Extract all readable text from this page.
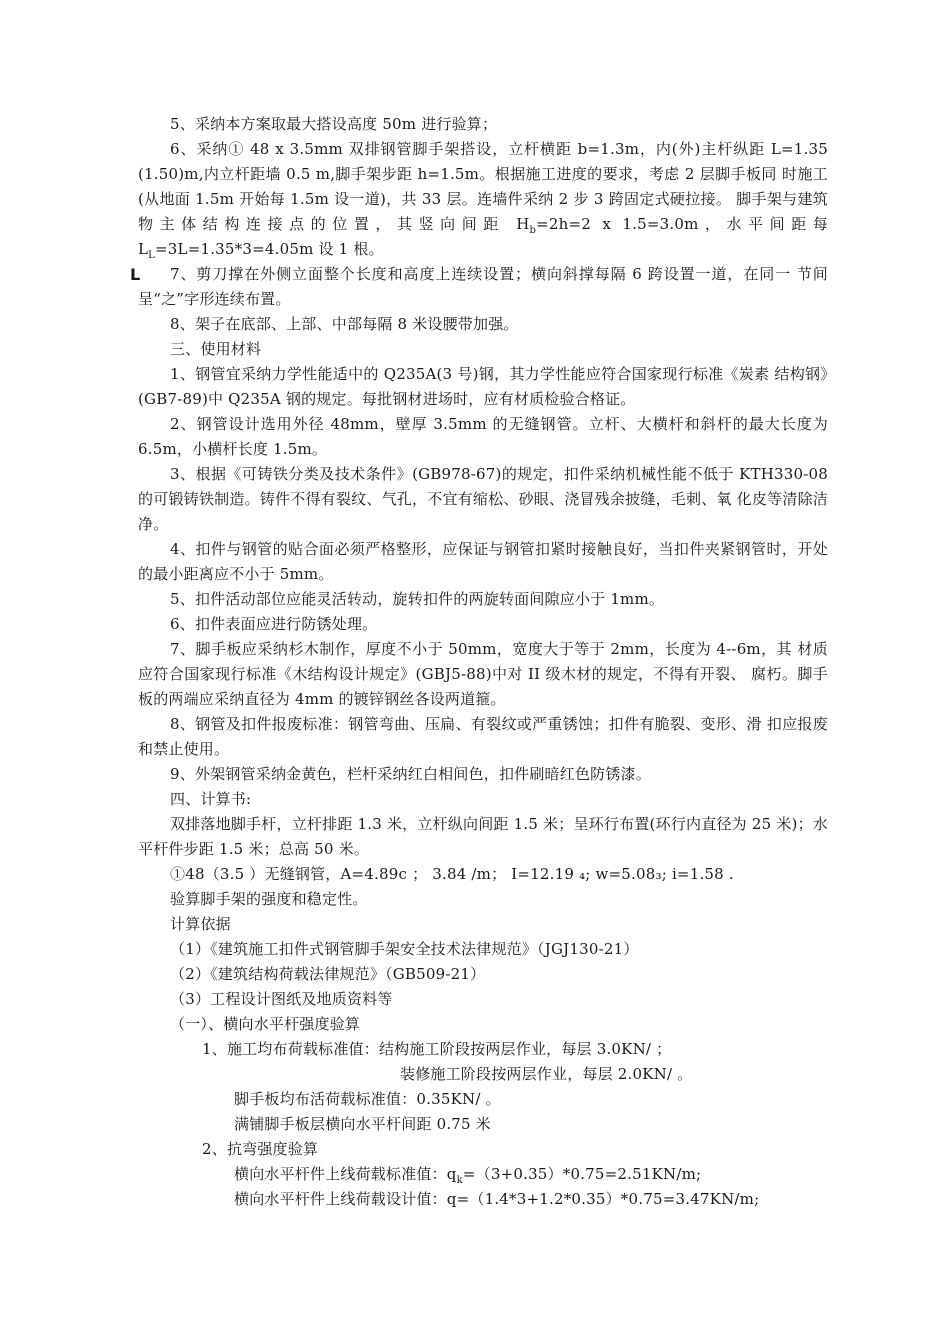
5、采纳本方案取最大搭设高度 50m 进行验算；

6、采纳① 48 x 3.5mm 双排钢管脚手架搭设，立杆横距 b=1.3m，内(外)主杆纵距 L=1.35 (1.50)m,内立杆距墙 0.5 m,脚手架步距 h=1.5m。根据施工进度的要求，考虑 2 层脚手板同 时施工(从地面 1.5m 开始每 1.5m 设一道)，共 33 层。连墙件采纳 2 步 3 跨固定式硬拉接。 脚手架与建筑物主体结构连接点的位置，其竖向间距 $H_b=2h=2$ x 1.5=3.0m，水平间距每 $L_L=3L=1.35*3=4.05m$ 设 1 根。

L 7、剪刀撑在外侧立面整个长度和高度上连续设置；横向斜撑每隔 6 跨设置一道，在同一 节间呈“之”字形连续布置。

8、架子在底部、上部、中部每隔 8 米设腰带加强。

三、使用材料

1、钢管宜采纳力学性能适中的 Q235A(3 号)钢，其力学性能应符合国家现行标准《炭素 结构钢》(GB7-89)中 Q235A 钢的规定。每批钢材进场时，应有材质检验合格证。

2、钢管设计选用外径 48mm，壁厚 3.5mm 的无缝钢管。立杆、大横杆和斜杆的最大长度为 6.5m，小横杆长度 1.5m。

3、根据《可铸铁分类及技术条件》(GB978-67)的规定，扣件采纳机械性能不低于 KTH330-08 的可锻铸铁制造。铸件不得有裂纹、气孔，不宜有缩松、砂眼、浇冒残余披缝，毛刺、氧 化皮等清除洁净。

4、扣件与钢管的贴合面必须严格整形，应保证与钢管扣紧时接触良好，当扣件夹紧钢管时，开处的最小距离应不小于 5mm。

5、扣件活动部位应能灵活转动，旋转扣件的两旋转面间隙应小于 1mm。

6、扣件表面应进行防锈处理。

7、脚手板应采纳杉木制作，厚度不小于 50mm，宽度大于等于 2mm，长度为 4--6m，其 材质应符合国家现行标准《木结构设计规定》(GBJ5-88)中对 II 级木材的规定，不得有开裂、 腐朽。脚手板的两端应采纳直径为 4mm 的镀锌钢丝各设两道箍。

8、钢管及扣件报废标准：钢管弯曲、压扁、有裂纹或严重锈蚀；扣件有脆裂、变形、滑 扣应报废和禁止使用。

9、外架钢管采纳金黄色，栏杆采纳红白相间色，扣件刷暗红色防锈漆。

四、计算书:

双排落地脚手杆，立杆排距 1.3 米，立杆纵向间距 1.5 米；呈环行布置(环行内直径为 25 米)；水平杆件步距 1.5 米；总高 50 米。

①48（3.5 ）无缝钢管，A=4.89c ； 3.84 /m； I=12.19 ₄; w=5.08₃; i=1.58 .

验算脚手架的强度和稳定性。

计算依据

（1）《建筑施工扣件式钢管脚手架安全技术法律规范》（JGJ130-21）

（2）《建筑结构荷载法律规范》（GB509-21）

（3）工程设计图纸及地质资料等

（一）、横向水平杆强度验算

1、施工均布荷载标准值：结构施工阶段按两层作业，每层 3.0KN/ ；

装修施工阶段按两层作业，每层 2.0KN/ 。

脚手板均布活荷载标准值：0.35KN/ 。

满铺脚手板层横向水平杆间距 0.75 米

2、抗弯强度验算

横向水平杆件上线荷载标准值：$q_k=(3+0.35)*0.75=2.51KN/m$;

横向水平杆件上线荷载设计值：q=（1.4*3+1.2*0.35）*0.75=3.47KN/m;
